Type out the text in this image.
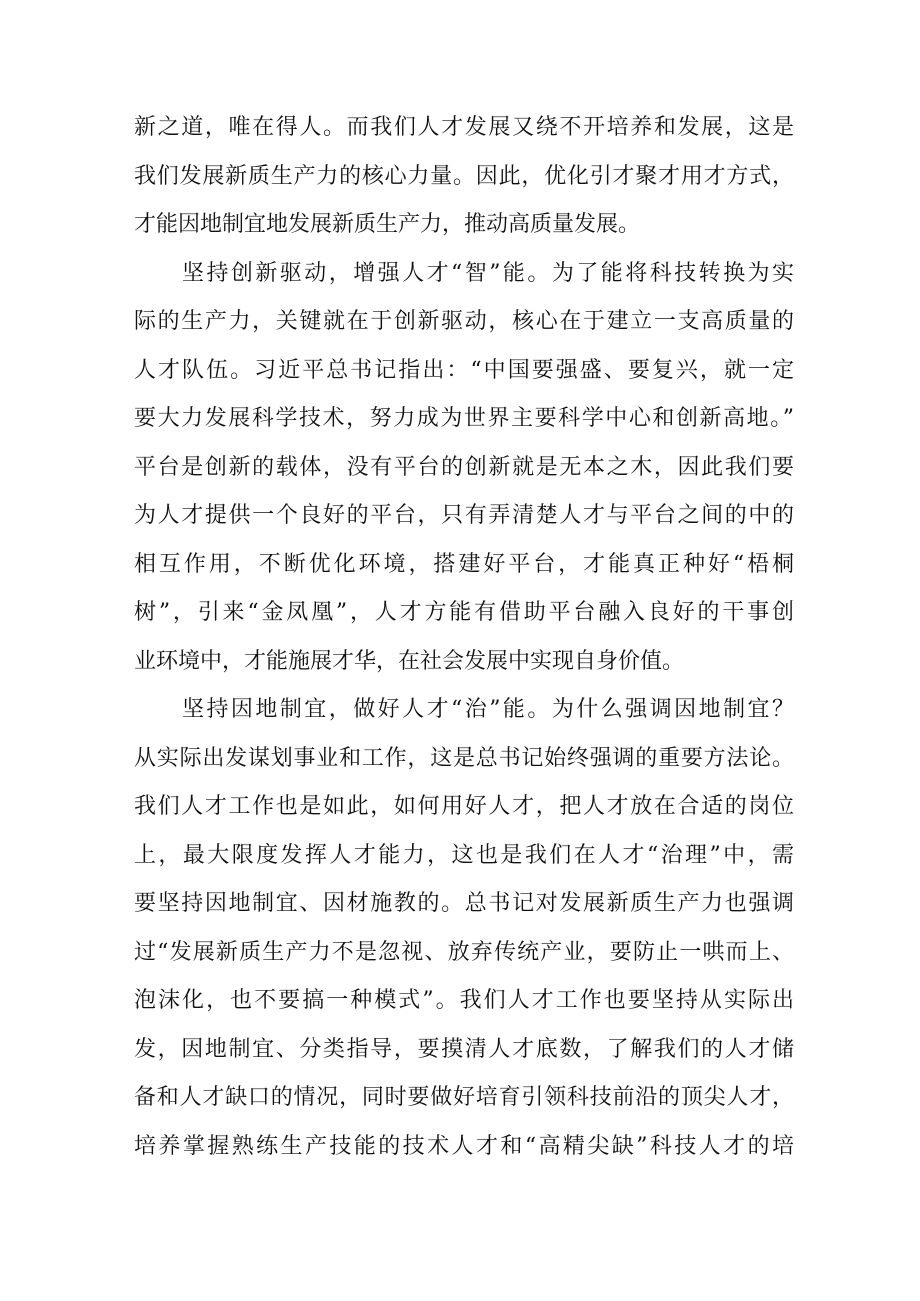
新之道，唯在得人。而我们人才发展又绕不开培养和发展，这是
我们发展新质生产力的核心力量。因此，优化引才聚才用才方式，
才能因地制宜地发展新质生产力，推动高质量发展。
坚持创新驱动，增强人才“智”能。为了能将科技转换为实
际的生产力，关键就在于创新驱动，核心在于建立一支高质量的
人才队伍。习近平总书记指出：“中国要强盛、要复兴，就一定
要大力发展科学技术，努力成为世界主要科学中心和创新高地。”
平台是创新的载体，没有平台的创新就是无本之木，因此我们要
为人才提供一个良好的平台，只有弄清楚人才与平台之间的中的
相互作用，不断优化环境，搭建好平台，才能真正种好“梧桐
树”，引来“金凤凰”，人才方能有借助平台融入良好的干事创
业环境中，才能施展才华，在社会发展中实现自身价值。
坚持因地制宜，做好人才“治”能。为什么强调因地制宜？
从实际出发谋划事业和工作，这是总书记始终强调的重要方法论。
我们人才工作也是如此，如何用好人才，把人才放在合适的岗位
上，最大限度发挥人才能力，这也是我们在人才“治理”中，需
要坚持因地制宜、因材施教的。总书记对发展新质生产力也强调
过“发展新质生产力不是忽视、放弃传统产业，要防止一哄而上、
泡沫化，也不要搞一种模式”。我们人才工作也要坚持从实际出
发，因地制宜、分类指导，要摸清人才底数，了解我们的人才储
备和人才缺口的情况，同时要做好培育引领科技前沿的顶尖人才，
培养掌握熟练生产技能的技术人才和“高精尖缺”科技人才的培
